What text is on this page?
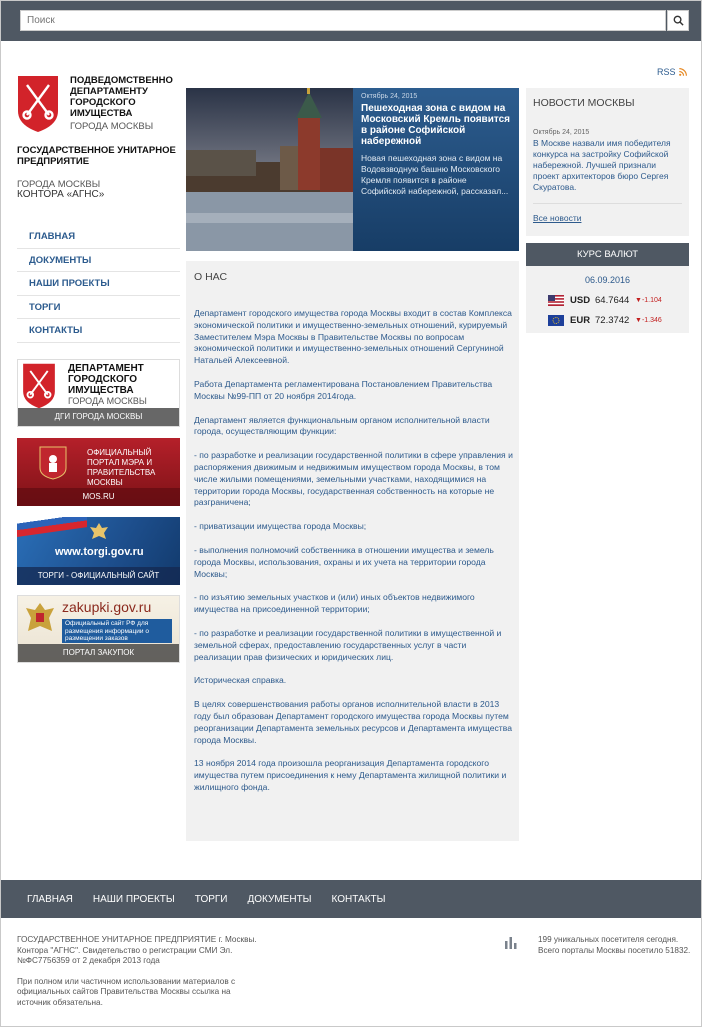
Поиск
RSS
ПОДВЕДОМСТВЕННО ДЕПАРТАМЕНТУ ГОРОДСКОГО ИМУЩЕСТВА
ГОРОДА МОСКВЫ
ГОСУДАРСТВЕННОЕ УНИТАРНОЕ ПРЕДПРИЯТИЕ
ГОРОДА МОСКВЫ
КОНТОРА «АГНС»
ГЛАВНАЯ
ДОКУМЕНТЫ
НАШИ ПРОЕКТЫ
ТОРГИ
КОНТАКТЫ
ДЕПАРТАМЕНТ
ГОРОДСКОГО
ИМУЩЕСТВА
ГОРОДА МОСКВЫ
ДГИ ГОРОДА МОСКВЫ
ОФИЦИАЛЬНЫЙ ПОРТАЛ МЭРА И ПРАВИТЕЛЬСТВА МОСКВЫ
MOS.RU
www.torgi.gov.ru
ТОРГИ - ОФИЦИАЛЬНЫЙ САЙТ
zakupki.gov.ru
Официальный сайт РФ для размещения информации о размещении заказов
ПОРТАЛ ЗАКУПОК
Октябрь 24, 2015
Пешеходная зона с видом на Московский Кремль появится в районе Софийской набережной
Новая пешеходная зона с видом на Водовзводную башню Московского Кремля появится в районе Софийской набережной, рассказал...
О НАС

Департамент городского имущества города Москвы входит в состав Комплекса экономической политики и имущественно-земельных отношений, курируемый Заместителем Мэра Москвы в Правительстве Москвы по вопросам экономической политики и имущественно-земельных отношений Сергуниной Натальей Алексеевной.

Работа Департамента регламентирована Постановлением Правительства Москвы №99-ПП от 20 ноября 2014года.

Департамент является функциональным органом исполнительной власти города, осуществляющим функции:

- по разработке и реализации государственной политики в сфере управления и распоряжения движимым и недвижимым имуществом города Москвы, в том числе жилыми помещениями, земельными участками, находящимися на территории города Москвы, государственная собственность на которые не разграничена;

- приватизации имущества города Москвы;

- выполнения полномочий собственника в отношении имущества и земель города Москвы, использования, охраны и их учета на территории города Москвы;

- по изъятию земельных участков и (или) иных объектов недвижимого имущества на присоединенной территории;

- по разработке и реализации государственной политики в имущественной и земельной сферах, предоставлению государственных услуг в части реализации прав физических и юридических лиц.

Историческая справка.

В целях совершенствования работы органов исполнительной власти в 2013 году был образован Департамент городского имущества города Москвы путем реорганизации Департамента земельных ресурсов и Департамента имущества города Москвы.

13 ноября 2014 года произошла реорганизация Департамента городского имущества путем присоединения к нему Департамента жилищной политики и жилищного фонда.

НОВОСТИ МОСКВЫ
Октябрь 24, 2015
В Москве назвали имя победителя конкурса на застройку Софийской набережной. Лучшей признали проект архитекторов бюро Сергея Скуратова.
Все новости
КУРС ВАЛЮТ
06.09.2016
USD 64.7644 ▼-1.104
EUR 72.3742 ▼-1.346
ГЛАВНАЯ НАШИ ПРОЕКТЫ ТОРГИ ДОКУМЕНТЫ КОНТАКТЫ

ГОСУДАРСТВЕННОЕ УНИТАРНОЕ ПРЕДПРИЯТИЕ г. Москвы. Контора "АГНС". Свидетельство о регистрации СМИ Эл. №ФС7756359 от 2 декабря 2013 года

При полном или частичном использовании материалов с официальных сайтов Правительства Москвы ссылка на источник обязательна.

199 уникальных посетителя сегодня. Всего порталы Москвы посетило 51832.
